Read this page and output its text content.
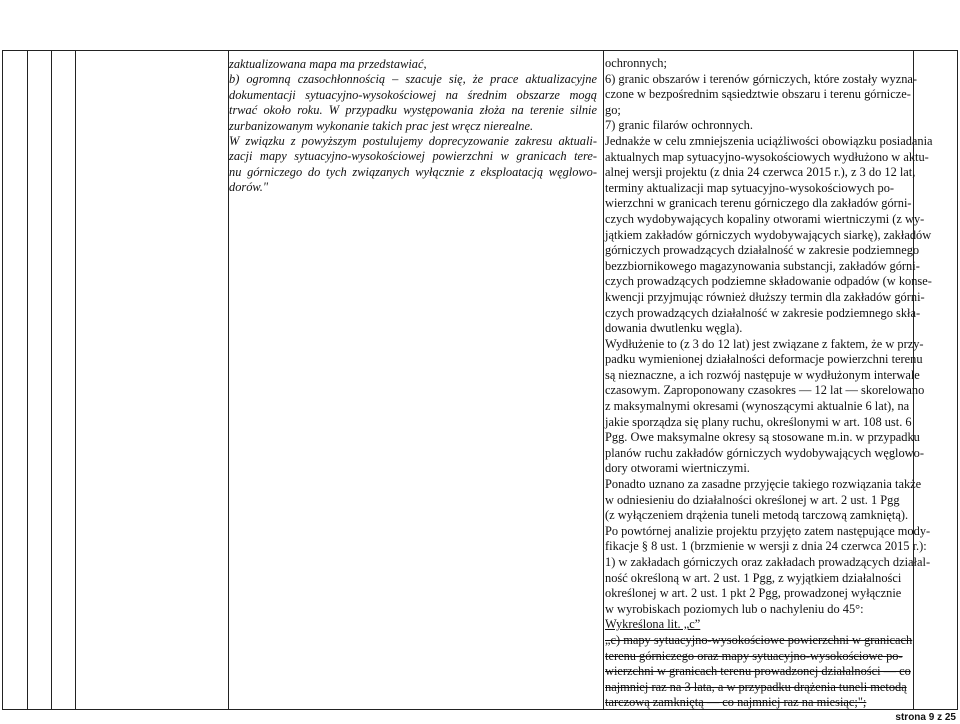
zaktualizowana mapa ma przedstawiać,
b) ogromną czasochłonnością – szacuje się, że prace aktualizacyjne
dokumentacji sytuacyjno-wysokościowej na średnim obszarze mogą
trwać około roku. W przypadku występowania złoża na terenie silnie
zurbanizowanym wykonanie takich prac jest wręcz nierealne.
W związku z powyższym postulujemy doprecyzowanie zakresu aktuali-
zacji mapy sytuacyjno-wysokościowej powierzchni w granicach tere-
nu górniczego do tych związanych wyłącznie z eksploatacją węglowo-
dorów."
ochronnych;
6) granic obszarów i terenów górniczych, które zostały wyzna-
czone w bezpośrednim sąsiedztwie obszaru i terenu górnicze-
go;
7) granic filarów ochronnych.
Jednakże w celu zmniejszenia uciążliwości obowiązku posiadania
aktualnych map sytuacyjno-wysokościowych wydłużono w aktu-
alnej wersji projektu (z dnia 24 czerwca 2015 r.), z 3 do 12 lat,
terminy aktualizacji map sytuacyjno-wysokościowych po-
wierzchni w granicach terenu górniczego dla zakładów górni-
czych wydobywających kopaliny otworami wiertniczymi (z wy-
jątkiem zakładów górniczych wydobywających siarkę), zakładów
górniczych prowadzących działalność w zakresie podziemnego
bezzbiornikowego magazynowania substancji, zakładów górni-
czych prowadzących podziemne składowanie odpadów (w konse-
kwencji przyjmując również dłuższy termin dla zakładów górni-
czych prowadzących działalność w zakresie podziemnego skła-
dowania dwutlenku węgla).
Wydłużenie to (z 3 do 12 lat) jest związane z faktem, że w przy-
padku wymienionej działalności deformacje powierzchni terenu
są nieznaczne, a ich rozwój następuje w wydłużonym interwale
czasowym. Zaproponowany czasokres — 12 lat — skorelowano
z maksymalnymi okresami (wynoszącymi aktualnie 6 lat), na
jakie sporządza się plany ruchu, określonymi w art. 108 ust. 6
Pgg. Owe maksymalne okresy są stosowane m.in. w przypadku
planów ruchu zakładów górniczych wydobywających węglowo-
dory otworami wiertniczymi.
Ponadto uznano za zasadne przyjęcie takiego rozwiązania także
w odniesieniu do działalności określonej w art. 2 ust. 1 Pgg
(z wyłączeniem drążenia tuneli metodą tarczową zamkniętą).
Po powtórnej analizie projektu przyjęto zatem następujące mody-
fikacje § 8 ust. 1 (brzmienie w wersji z dnia 24 czerwca 2015 r.):
1) w zakładach górniczych oraz zakładach prowadzących działal-
ność określoną w art. 2 ust. 1 Pgg, z wyjątkiem działalności
określonej w art. 2 ust. 1 pkt 2 Pgg, prowadzonej wyłącznie
w wyrobiskach poziomych lub o nachyleniu do 45°:
Wykreślona lit. „c”
„c) mapy sytuacyjno-wysokościowe powierzchni w granicach
terenu górniczego oraz mapy sytuacyjno-wysokościowe po-
wierzchni w granicach terenu prowadzonej działalności — co
najmniej raz na 3 lata, a w przypadku drążenia tuneli metodą
tarczową zamkniętą — co najmniej raz na miesiąc;";
strona 9 z 25
